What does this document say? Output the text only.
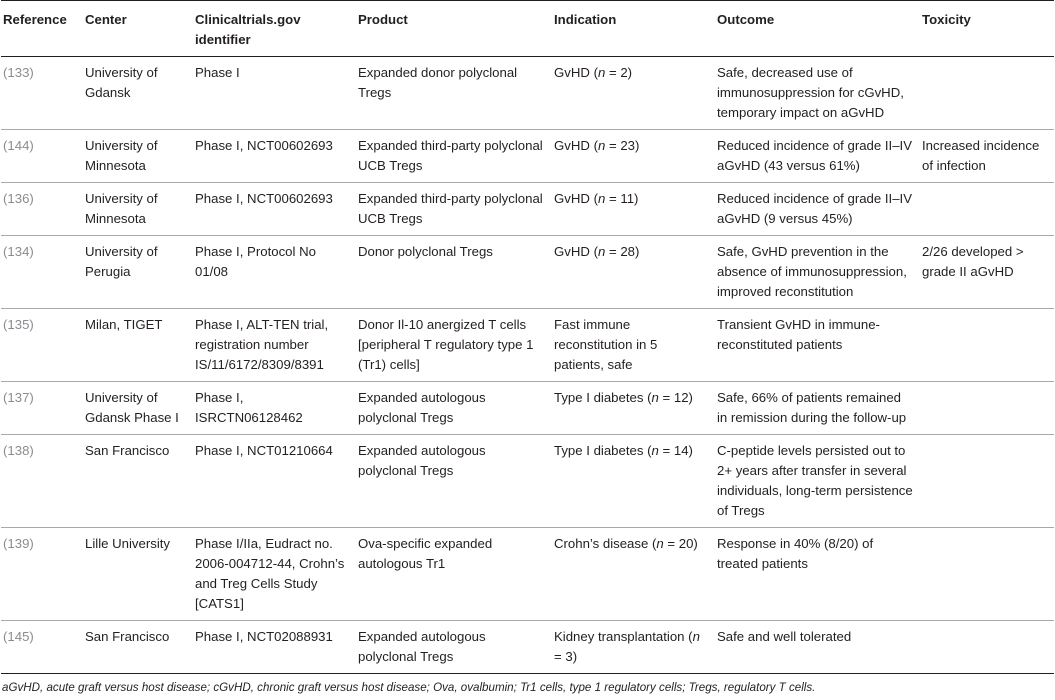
Reference	Center	Clinicaltrials.gov identifier	Product	Indication	Outcome	Toxicity
(133)	University of Gdansk	Phase I	Expanded donor polyclonal Tregs	GvHD (n = 2)	Safe, decreased use of immunosuppression for cGvHD, temporary impact on aGvHD	
(144)	University of Minnesota	Phase I, NCT00602693	Expanded third-party polyclonal UCB Tregs	GvHD (n = 23)	Reduced incidence of grade II–IV aGvHD (43 versus 61%)	Increased incidence of infection
(136)	University of Minnesota	Phase I, NCT00602693	Expanded third-party polyclonal UCB Tregs	GvHD (n = 11)	Reduced incidence of grade II–IV aGvHD (9 versus 45%)	
(134)	University of Perugia	Phase I, Protocol No 01/08	Donor polyclonal Tregs	GvHD (n = 28)	Safe, GvHD prevention in the absence of immunosuppression, improved reconstitution	2/26 developed > grade II aGvHD
(135)	Milan, TIGET	Phase I, ALT-TEN trial, registration number IS/11/6172/8309/8391	Donor Il-10 anergized T cells [peripheral T regulatory type 1 (Tr1) cells]	Fast immune reconstitution in 5 patients, safe	Transient GvHD in immune-reconstituted patients	
(137)	University of Gdansk Phase I	Phase I, ISRCTN06128462	Expanded autologous polyclonal Tregs	Type I diabetes (n = 12)	Safe, 66% of patients remained in remission during the follow-up	
(138)	San Francisco	Phase I, NCT01210664	Expanded autologous polyclonal Tregs	Type I diabetes (n = 14)	C-peptide levels persisted out to 2+ years after transfer in several individuals, long-term persistence of Tregs	
(139)	Lille University	Phase I/IIa, Eudract no. 2006-004712-44, Crohn’s and Treg Cells Study [CATS1]	Ova-specific expanded autologous Tr1	Crohn’s disease (n = 20)	Response in 40% (8/20) of treated patients	
(145)	San Francisco	Phase I, NCT02088931	Expanded autologous polyclonal Tregs	Kidney transplantation (n = 3)	Safe and well tolerated	
aGvHD, acute graft versus host disease; cGvHD, chronic graft versus host disease; Ova, ovalbumin; Tr1 cells, type 1 regulatory cells; Tregs, regulatory T cells.
